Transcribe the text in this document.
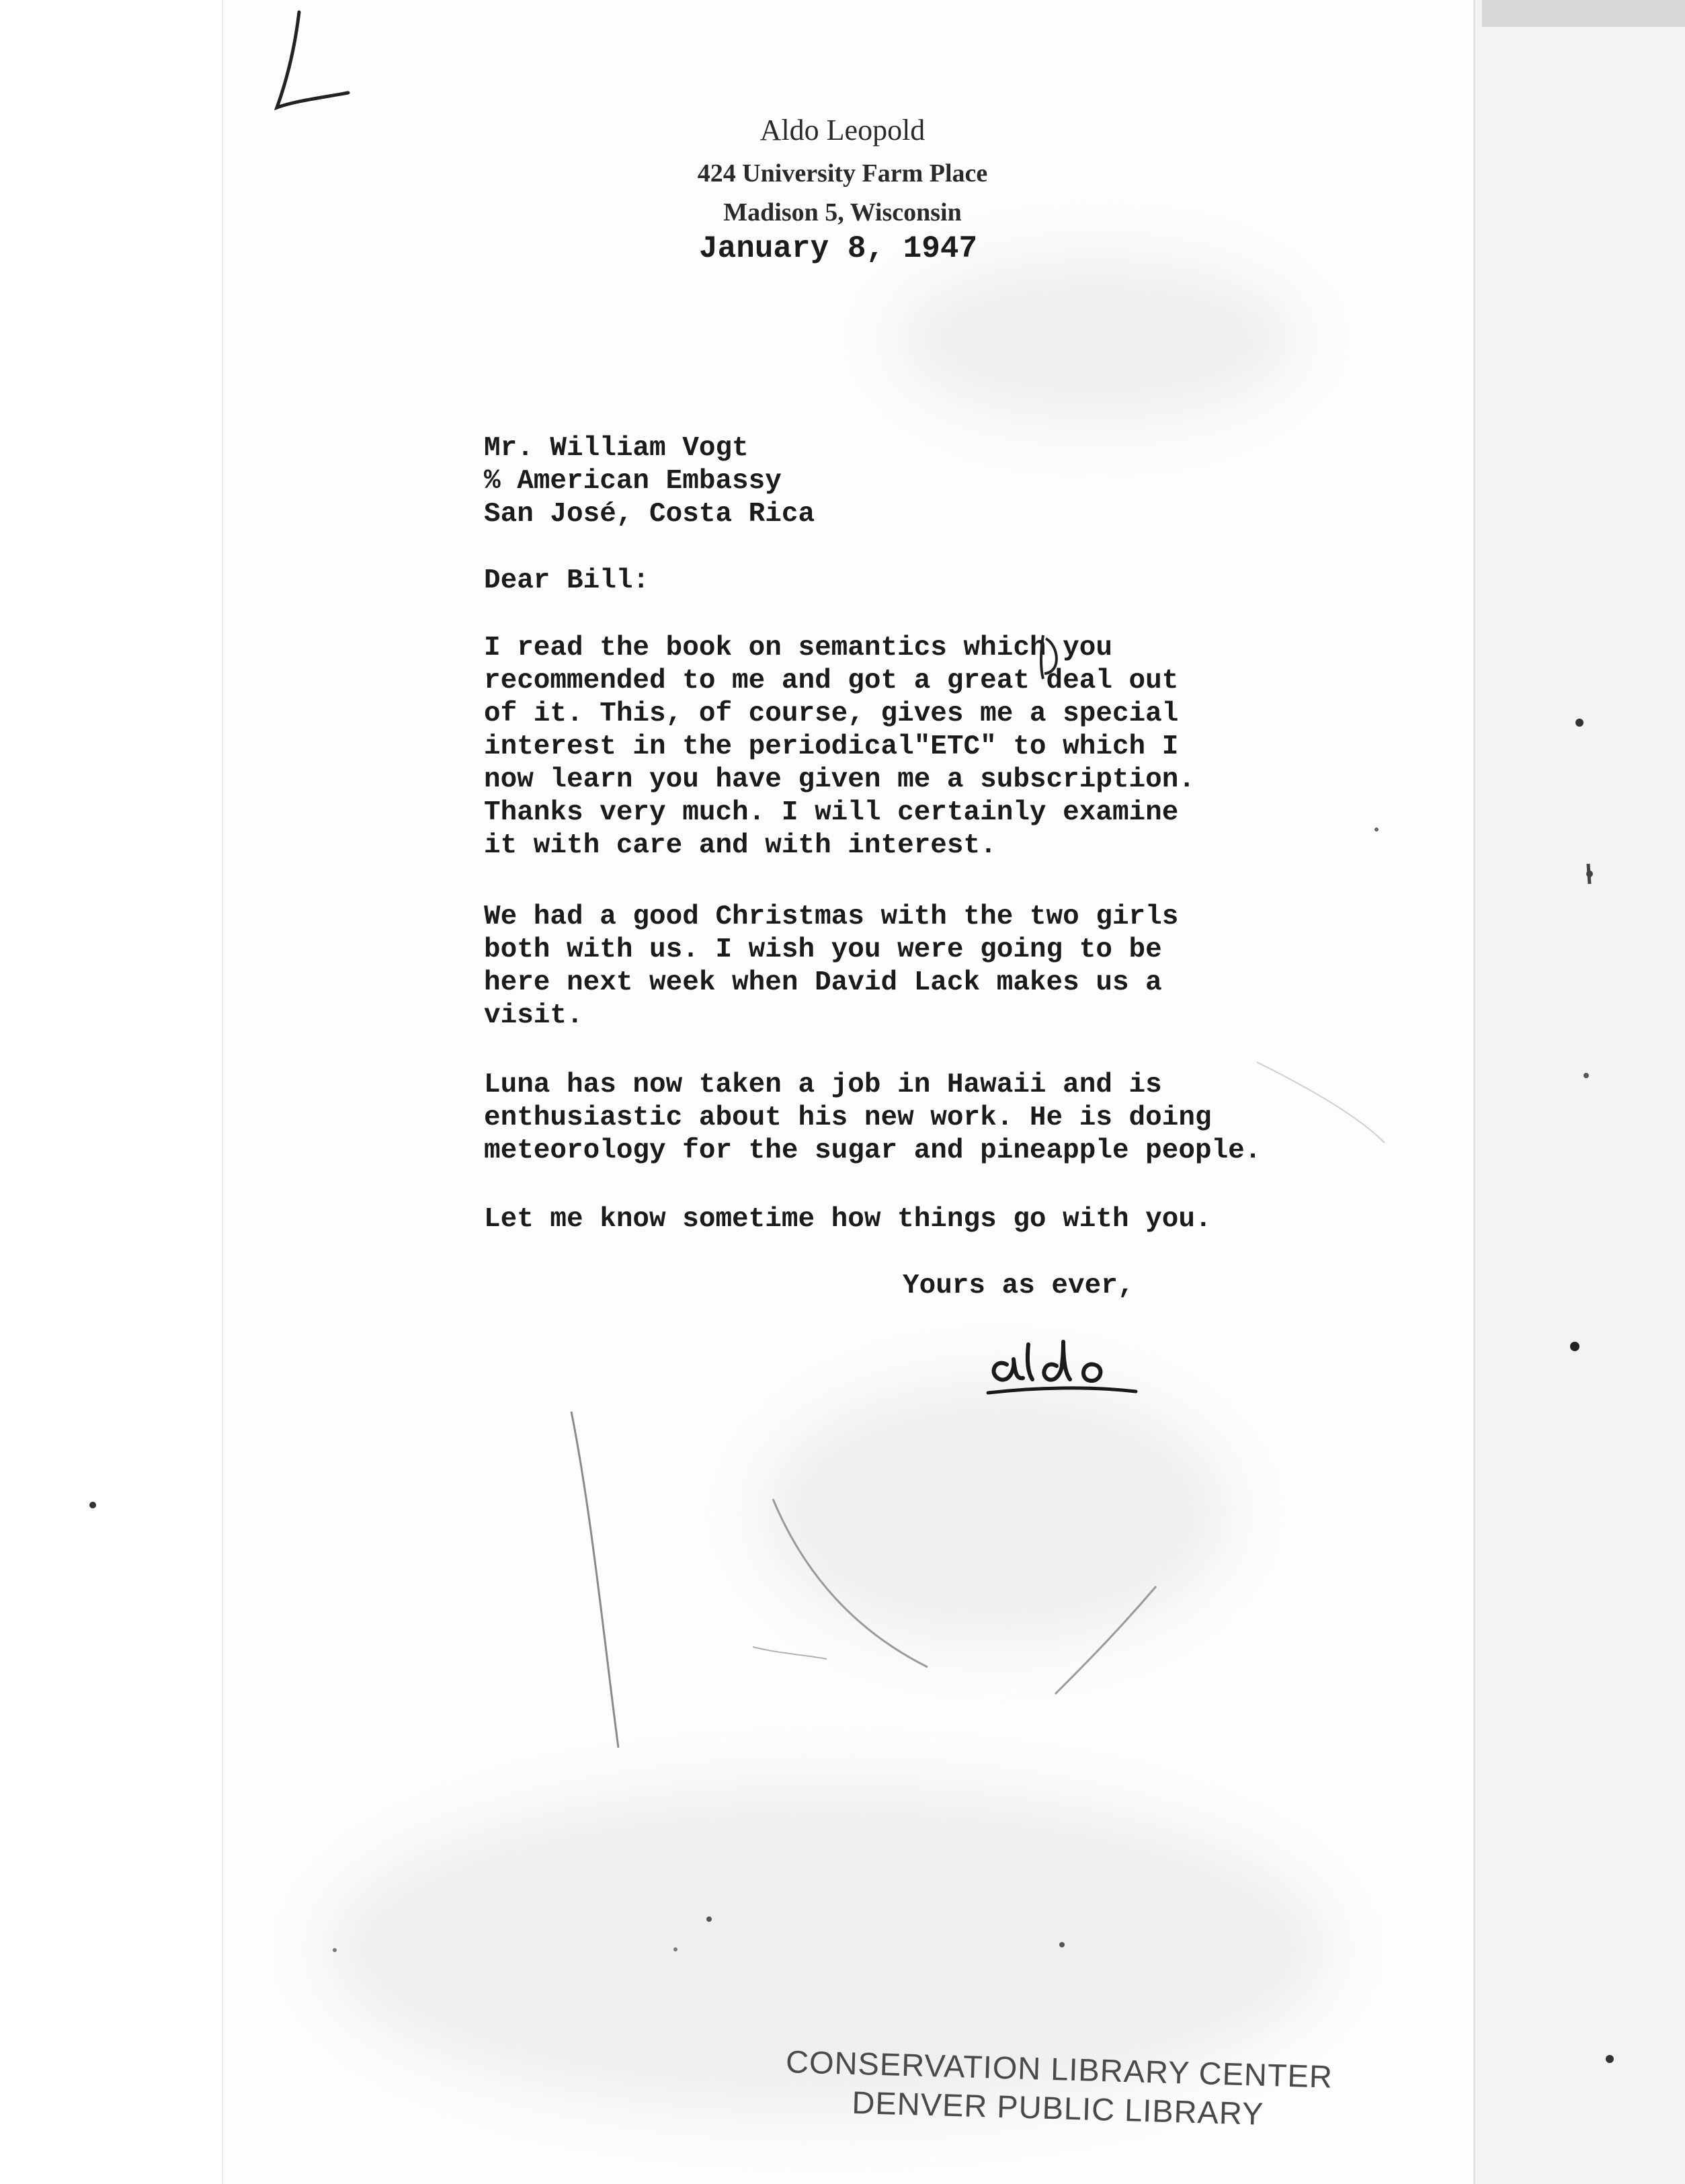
Aldo Leopold
424 University Farm Place
Madison 5, Wisconsin
January 8, 1947
Mr. William Vogt
% American Embassy
San José, Costa Rica
Dear Bill:
I read the book on semantics which you
recommended to me and got a great deal out
of it. This, of course, gives me a special
interest in the periodical"ETC" to which I
now learn you have given me a subscription.
Thanks very much. I will certainly examine
it with care and with interest.
We had a good Christmas with the two girls
both with us. I wish you were going to be
here next week when David Lack makes us a
visit.
Luna has now taken a job in Hawaii and is
enthusiastic about his new work. He is doing
meteorology for the sugar and pineapple people.
Let me know sometime how things go with you.
Yours as ever,
CONSERVATION LIBRARY CENTER
DENVER PUBLIC LIBRARY
